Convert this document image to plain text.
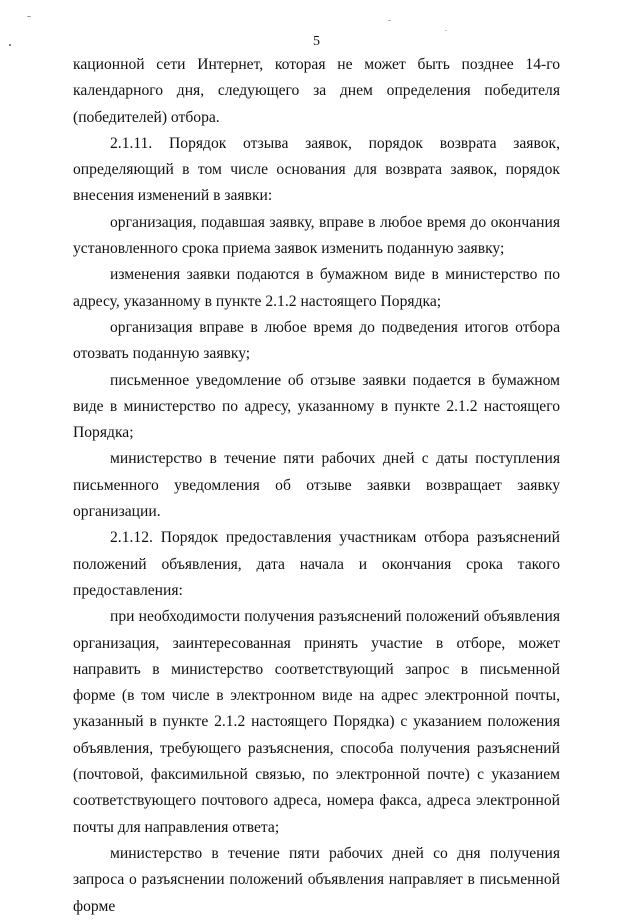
5

кационной сети Интернет, которая не может быть позднее 14-го календарного дня, следующего за днем определения победителя (победителей) отбора.

2.1.11. Порядок отзыва заявок, порядок возврата заявок, определяющий в том числе основания для возврата заявок, порядок внесения изменений в заявки:

организация, подавшая заявку, вправе в любое время до окончания установленного срока приема заявок изменить поданную заявку;

изменения заявки подаются в бумажном виде в министерство по адресу, указанному в пункте 2.1.2 настоящего Порядка;

организация вправе в любое время до подведения итогов отбора отозвать поданную заявку;

письменное уведомление об отзыве заявки подается в бумажном виде в министерство по адресу, указанному в пункте 2.1.2 настоящего Порядка;

министерство в течение пяти рабочих дней с даты поступления письменного уведомления об отзыве заявки возвращает заявку организации.

2.1.12. Порядок предоставления участникам отбора разъяснений положений объявления, дата начала и окончания срока такого предоставления:

при необходимости получения разъяснений положений объявления организация, заинтересованная принять участие в отборе, может направить в министерство соответствующий запрос в письменной форме (в том числе в электронном виде на адрес электронной почты, указанный в пункте 2.1.2 настоящего Порядка) с указанием положения объявления, требующего разъяснения, способа получения разъяснений (почтовой, факсимильной связью, по электронной почте) с указанием соответствующего почтового адреса, номера факса, адреса электронной почты для направления ответа;

министерство в течение пяти рабочих дней со дня получения запроса о разъяснении положений объявления направляет в письменной форме
